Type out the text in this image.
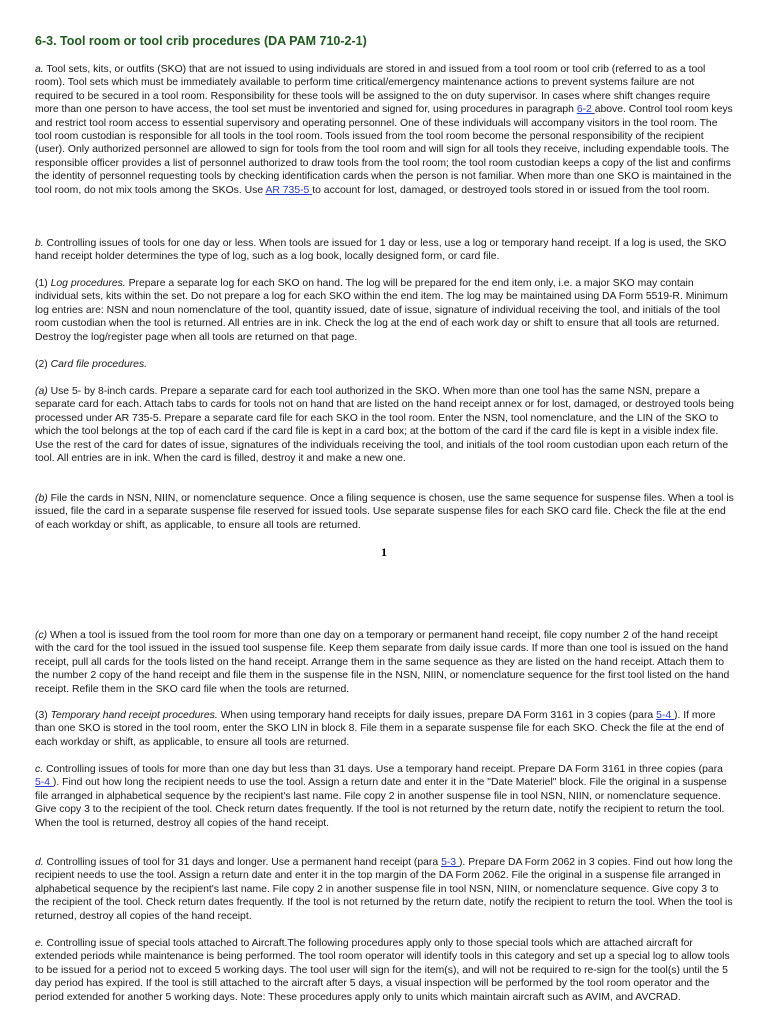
6-3. Tool room or tool crib procedures (DA PAM 710-2-1)

a. Tool sets, kits, or outfits (SKO) that are not issued to using individuals are stored in and issued from a tool room or tool crib (referred to as a tool room). Tool sets which must be immediately available to perform time critical/emergency maintenance actions to prevent systems failure are not required to be secured in a tool room. Responsibility for these tools will be assigned to the on duty supervisor. In cases where shift changes require more than one person to have access, the tool set must be inventoried and signed for, using procedures in paragraph 6-2 above. Control tool room keys and restrict tool room access to essential supervisory and operating personnel. One of these individuals will accompany visitors in the tool room. The tool room custodian is responsible for all tools in the tool room. Tools issued from the tool room become the personal responsibility of the recipient (user). Only authorized personnel are allowed to sign for tools from the tool room and will sign for all tools they receive, including expendable tools. The responsible officer provides a list of personnel authorized to draw tools from the tool room; the tool room custodian keeps a copy of the list and confirms the identity of personnel requesting tools by checking identification cards when the person is not familiar. When more than one SKO is maintained in the tool room, do not mix tools among the SKOs. Use AR 735-5 to account for lost, damaged, or destroyed tools stored in or issued from the tool room.

b. Controlling issues of tools for one day or less. When tools are issued for 1 day or less, use a log or temporary hand receipt. If a log is used, the SKO hand receipt holder determines the type of log, such as a log book, locally designed form, or card file.

(1) Log procedures. Prepare a separate log for each SKO on hand. The log will be prepared for the end item only, i.e. a major SKO may contain individual sets, kits within the set. Do not prepare a log for each SKO within the end item. The log may be maintained using DA Form 5519-R. Minimum log entries are: NSN and noun nomenclature of the tool, quantity issued, date of issue, signature of individual receiving the tool, and initials of the tool room custodian when the tool is returned. All entries are in ink. Check the log at the end of each work day or shift to ensure that all tools are returned. Destroy the log/register page when all tools are returned on that page.

(2) Card file procedures.

(a) Use 5- by 8-inch cards. Prepare a separate card for each tool authorized in the SKO. When more than one tool has the same NSN, prepare a separate card for each. Attach tabs to cards for tools not on hand that are listed on the hand receipt annex or for lost, damaged, or destroyed tools being processed under AR 735-5. Prepare a separate card file for each SKO in the tool room. Enter the NSN, tool nomenclature, and the LIN of the SKO to which the tool belongs at the top of each card if the card file is kept in a card box; at the bottom of the card if the card file is kept in a visible index file. Use the rest of the card for dates of issue, signatures of the individuals receiving the tool, and initials of the tool room custodian upon each return of the tool. All entries are in ink. When the card is filled, destroy it and make a new one.

(b) File the cards in NSN, NIIN, or nomenclature sequence. Once a filing sequence is chosen, use the same sequence for suspense files. When a tool is issued, file the card in a separate suspense file reserved for issued tools. Use separate suspense files for each SKO card file. Check the file at the end of each workday or shift, as applicable, to ensure all tools are returned.

1

(c) When a tool is issued from the tool room for more than one day on a temporary or permanent hand receipt, file copy number 2 of the hand receipt with the card for the tool issued in the issued tool suspense file. Keep them separate from daily issue cards. If more than one tool is issued on the hand receipt, pull all cards for the tools listed on the hand receipt. Arrange them in the same sequence as they are listed on the hand receipt. Attach them to the number 2 copy of the hand receipt and file them in the suspense file in the NSN, NIIN, or nomenclature sequence for the first tool listed on the hand receipt. Refile them in the SKO card file when the tools are returned.

(3) Temporary hand receipt procedures. When using temporary hand receipts for daily issues, prepare DA Form 3161 in 3 copies (para 5-4 ). If more than one SKO is stored in the tool room, enter the SKO LIN in block 8. File them in a separate suspense file for each SKO. Check the file at the end of each workday or shift, as applicable, to ensure all tools are returned.

c. Controlling issues of tools for more than one day but less than 31 days. Use a temporary hand receipt. Prepare DA Form 3161 in three copies (para 5-4 ). Find out how long the recipient needs to use the tool. Assign a return date and enter it in the "Date Materiel" block. File the original in a suspense file arranged in alphabetical sequence by the recipient's last name. File copy 2 in another suspense file in tool NSN, NIIN, or nomenclature sequence. Give copy 3 to the recipient of the tool. Check return dates frequently. If the tool is not returned by the return date, notify the recipient to return the tool. When the tool is returned, destroy all copies of the hand receipt.

d. Controlling issues of tool for 31 days and longer. Use a permanent hand receipt (para 5-3 ). Prepare DA Form 2062 in 3 copies. Find out how long the recipient needs to use the tool. Assign a return date and enter it in the top margin of the DA Form 2062. File the original in a suspense file arranged in alphabetical sequence by the recipient's last name. File copy 2 in another suspense file in tool NSN, NIIN, or nomenclature sequence. Give copy 3 to the recipient of the tool. Check return dates frequently. If the tool is not returned by the return date, notify the recipient to return the tool. When the tool is returned, destroy all copies of the hand receipt.

e. Controlling issue of special tools attached to Aircraft.The following procedures apply only to those special tools which are attached aircraft for extended periods while maintenance is being performed. The tool room operator will identify tools in this category and set up a special log to allow tools to be issued for a period not to exceed 5 working days. The tool user will sign for the item(s), and will not be required to re-sign for the tool(s) until the 5 day period has expired. If the tool is still attached to the aircraft after 5 days, a visual inspection will be performed by the tool room operator and the period extended for another 5 working days. Note: These procedures apply only to units which maintain aircraft such as AVIM, and AVCRAD.
